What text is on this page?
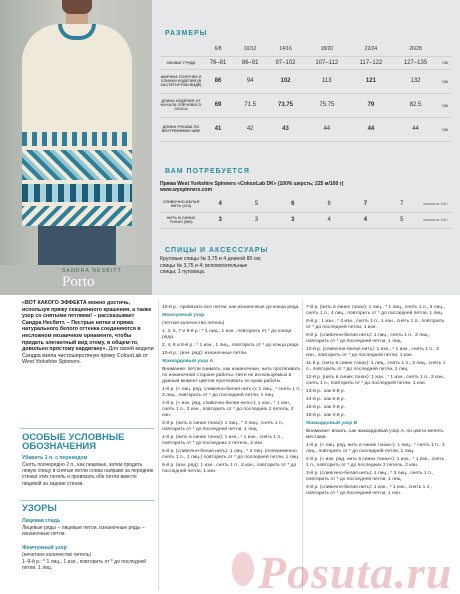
SANDRA NESBITT
Porto
РАЗМЕРЫ
	6/8	10/12	14/16	18/20	22/24	26/28	
ОБХВАТ ГРУДИ	76–81	86–91	97–102	107–112	117–122	127–135	см
ШИРИНА ПОЛОЧЕК И СПИНКИ ИЗДЕЛИЯ (В ЗАСТЕГНУТОМ ВИДЕ)	86	94	102	113	121	132	см
ДЛИНА ИЗДЕЛИЯ ОТ НАЧАЛА ПЛЕЧЕВОГО СКОСА	69	71.5	73.75	75.75	79	82.5	см
ДЛИНА РУКАВА ПО ВНУТРЕННЕМУ ШВУ	41	42	43	44	44	44	см
ВАМ ПОТРЕБУЕТСЯ
Пряжа West Yorkshire Spinners «ColourLab DK» (100% шерсть; 225 м/100 г)
www.wyspinners.com
СЛИВОЧНО-БЕЛАЯ НИТЬ (013)	4	5	6	6	7	7	мотков по 100 г
НИТЬ В СИНИХ ТОНАХ (882)	3	3	3	4	4	5	мотков по 100 г
СПИЦЫ И АКСЕССУАРЫ
Круговые спицы № 3,75 и 4 длиной 80 см;
спицы № 3,75 и 4; вспомогательные
спицы; 1 пуговица.
«ВОТ КАКОГО ЭФФЕКТА можно достичь, используя пряжу секционного крашения, а также узор со снятыми петлями! – рассказывает Сандра Несбитт. – Пестрые нитки и пряжа натурального белого оттенка соединяются в несложном мозаичном орнаменте, чтобы придать элегантный вид этому, в общем-то, довольно простому кардигану». Для своей модели Сандра взяла чистошерстяную пряжу ColourLab от West Yorkshire Spinners.
ОСОБЫЕ УСЛОВНЫЕ ОБОЗНАЧЕНИЯ
Убавить 1 п. с перекидом
Снять поочередно 2 п., как лицевые, затем продеть левую спицу в снятые петли слева направо за передние стенки этих петель и провязать обе петли вместе лицевой за задние стенки.
УЗОРЫ
Лицевая гладь
Лицевые ряды – лицевые петли, изнаночные ряды – изнаночные петли.
Жемчужный узор
(нечетное количество петель)
1–9-й р.: * 1 лиц., 1 изн., повторить от * до последней петли, 1 лиц.

10-й р.: провязать все петли, как изнаночные до конца ряда.

Жемчужный узор

(четное количество петель)

1, 3, 5, 7 и 9-й р.: * 1 лиц., 1 изн., повторить от * до конца ряда.

2, 4, 6 и 8-й р.: * 1 изн., 1 лиц., повторить от * до конца ряда.

10-й р.: (изн. ряд): изнаночные петли.

Жаккардовый узор A

Внимание: петли снимать, как изнаночные, нить протягивать по изнаночной стороне работы. Нити не используемых в данный момент цветов протягивать по краю работы.

1-й р. (« лиц. ряд, сливочно-белая нить»): 1 лиц., * снять 1 п., 3 лиц., повторить от * до последней петли, 1 лиц.

2-й р. (« изн. ряд, сливочно-белая нить»): 1 изн., * 1 изн., снять 1 п., 3 изн., повторить от * до последних 2 петель, 2 изн.

3-й р. (нить в синих тонах): 1 лиц., * 3 лиц., снять 1 п., повторить от * до последней петли, 1 лиц.

4-й р. (нить в синих тонах): 1 изн., * 1 изн., снять 1 п., повторить от * до последних 2 петель, 2 изн.

5-й р. (сливочно-белая нить): 1 лиц., * 3 лиц. (попеременно снять 1 п., 1 лиц.) повторить от * до последней петли, 1 лиц.

6-й р. (изн. ряд): 1 изн., снять 1 п., 3 изн., повторить от * до последней петли, 1 изн.

7-й р. (нить в синих тонах): 1 лиц., * 1 лиц., снять 1 п., 3 лиц., снять 1 п., 4 лиц., повторить от * до последней петли, 1 лиц.

8-й р.: 1 изн., * 3 изн., снять 1 п., 1 изн., снять 1 п., повторить от * до последней петли, 1 изн.

9-й р. (сливочно-белая нить): 1 лиц., снять 1 п., 3 лиц., повторить от * до последней петли, 1 лиц.

10-й р. (сливочно-белая нить): 1 изн., * 1 изн., снять 1 п., 3 изн., повторить от * до последней петли, 1 изн.

11-й р. (нить в синих тонах): 1 лиц., снять 1 п., 3 лиц., снять 1 п., повторить от * до последней петли, 1 лиц.

12-й р. (нить в синих тонах): 1 изн., * 1 изн., снять 1 п., 3 изн., снять 1 п., повторить от * до последней петли, 1 изн.

13-й р.: как 5-й р.

14-й р.: как 6-й р.

15-й р.: как 3-й р.

16-й р.: как 4-й р.

Жаккардовый узор B

Внимание: вязать, как жаккардовый узор A, но цвета менять местами.

1-й р. (« лиц. ряд, нить в синих тонах»): 1 лиц., * снять 1 п., 3 лиц., повторить от * до последней петли, 1 лиц.

2-й р. (« изн. ряд, нить в синих тонах»): 1 изн., * 1 изн., снять 1 п., повторить от * до последних 2 петель, 2 изн.

3-й р. (сливочно-белая нить): 1 лиц., * 3 лиц., снять 1 п., повторить от * до последней петли, 1 лиц.

4-й р. (сливочно-белая нить): 1 изн., * 1 изн., снять 1 п., повторить от * до последней петли, 1 изн.

Posuta.ru
